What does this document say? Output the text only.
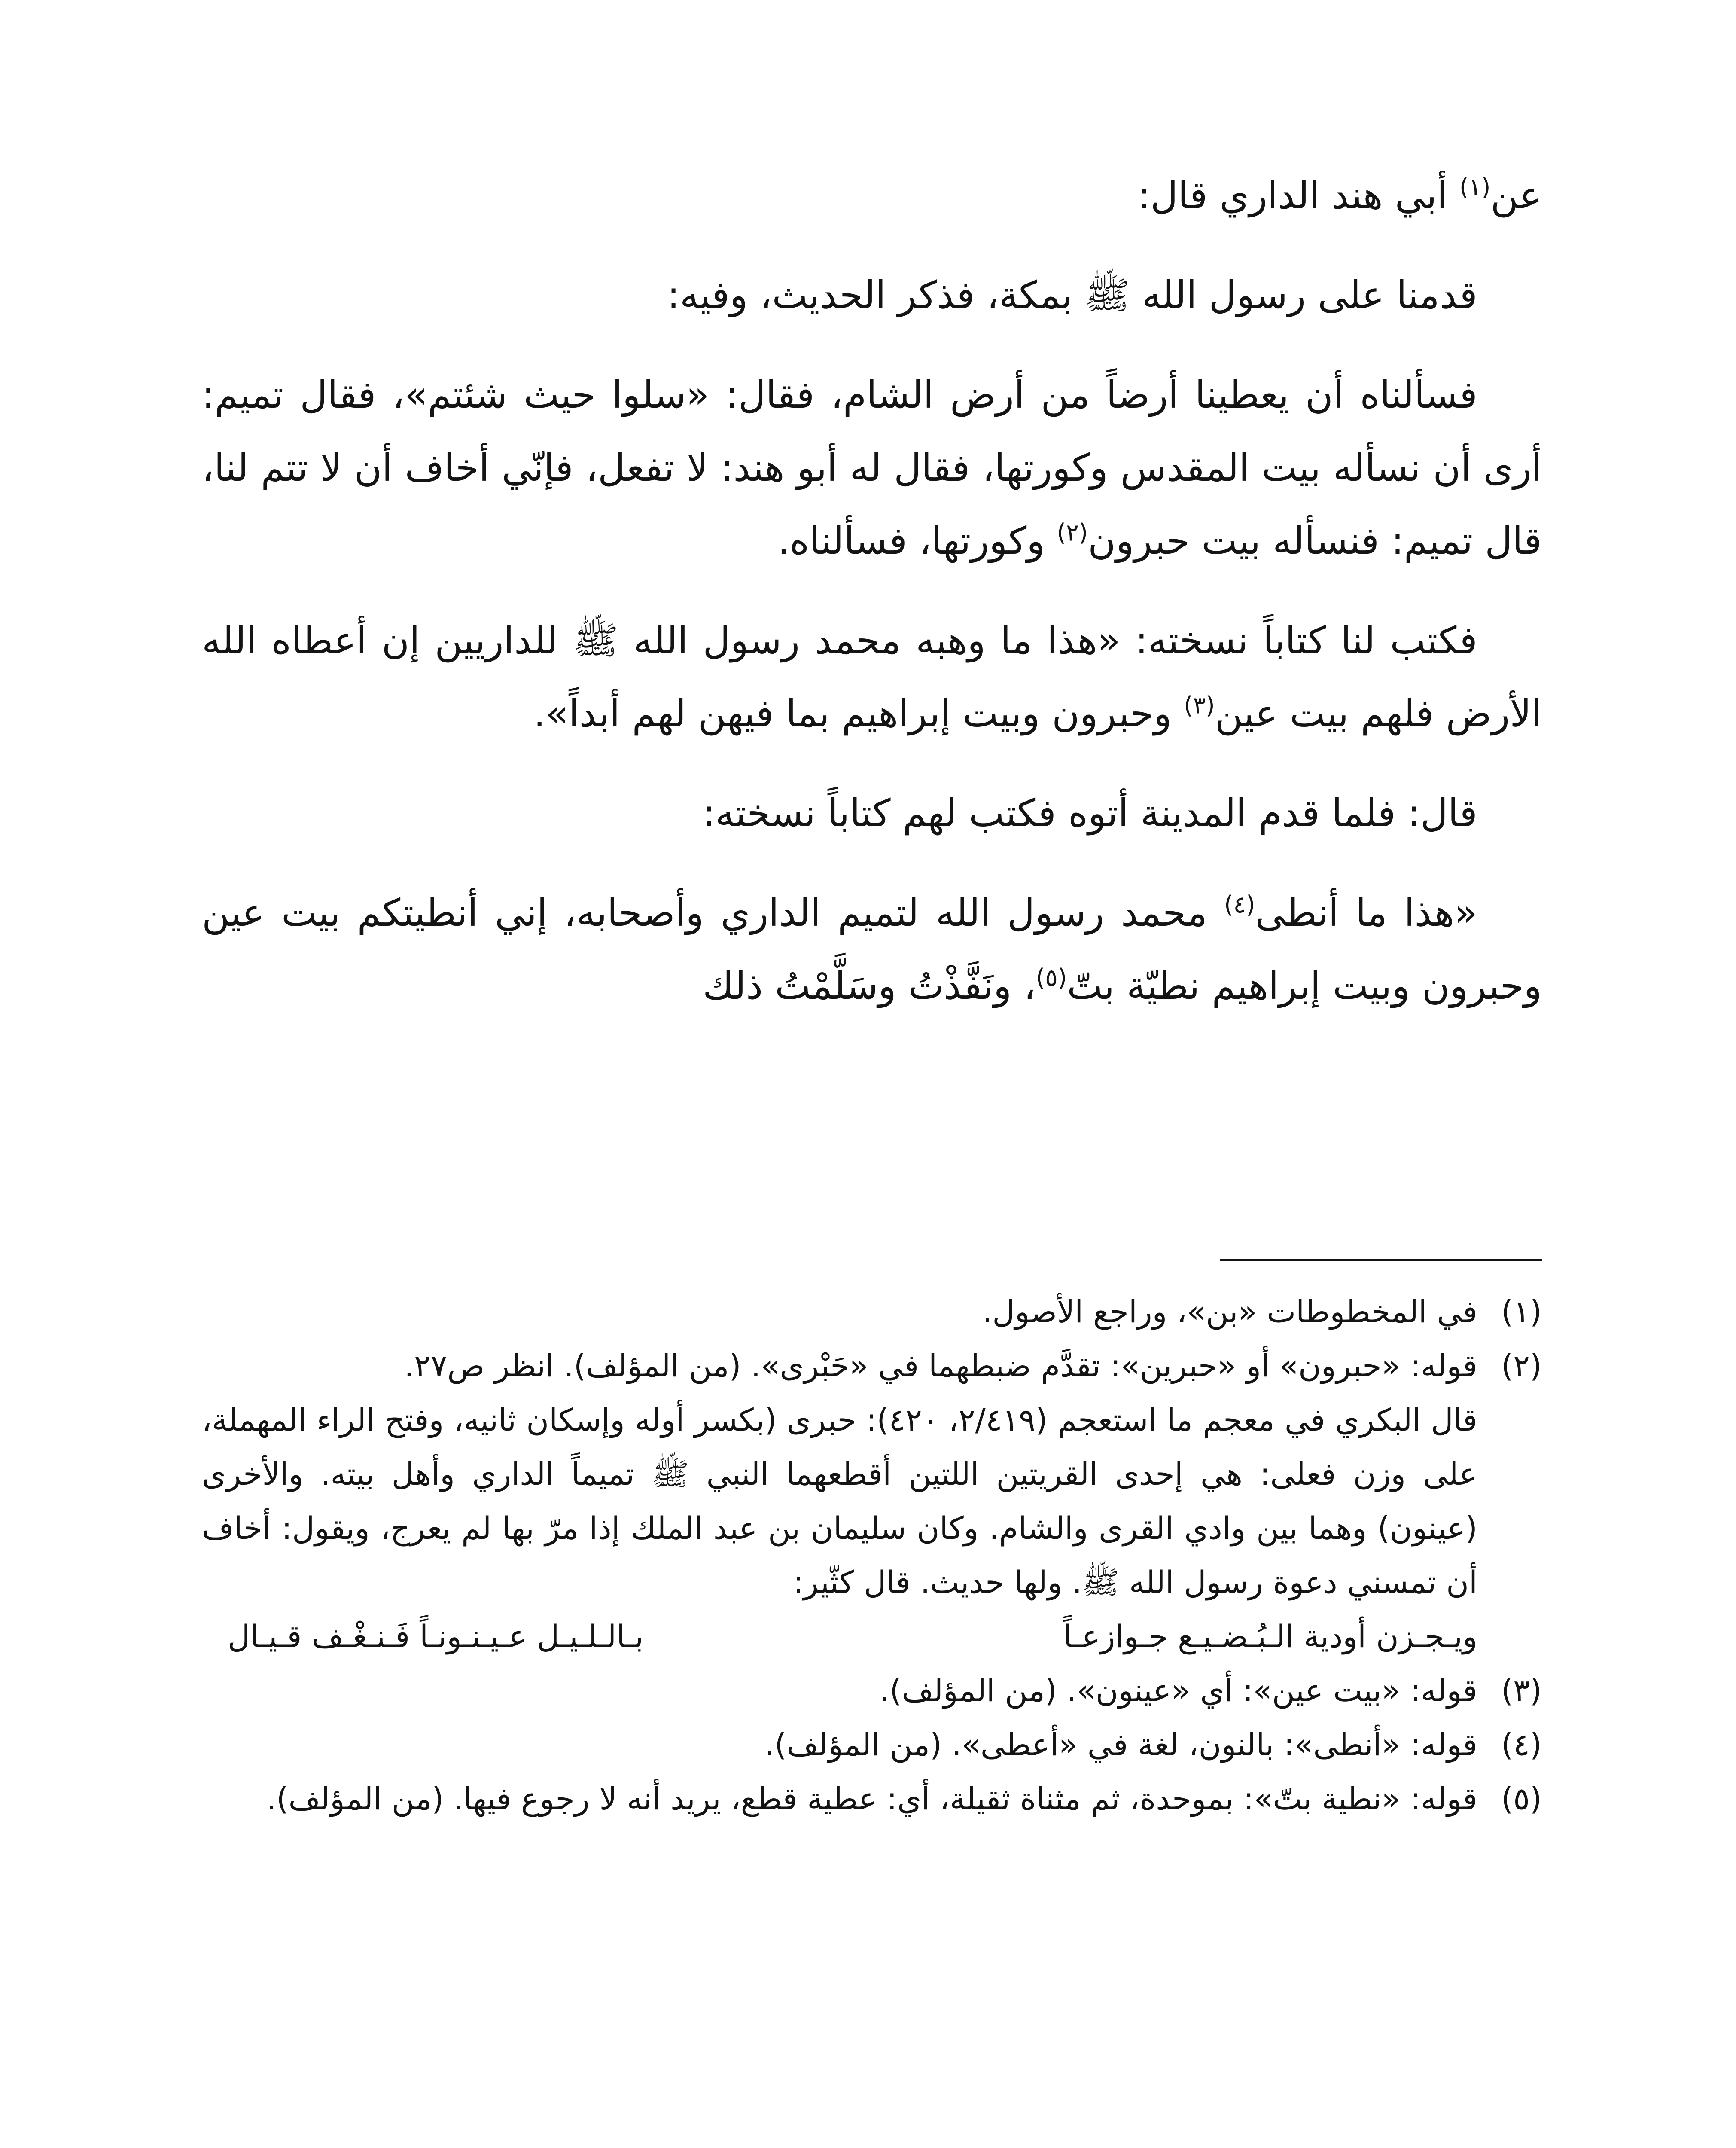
عن$^{(١)}$ أبي هند الداري قال:

قدمنا على رسول الله ﷺ بمكة، فذكر الحديث، وفيه:

فسألناه أن يعطينا أرضاً من أرض الشام، فقال: «سلوا حيث شئتم»، فقال تميم: أرى أن نسأله بيت المقدس وكورتها، فقال له أبو هند: لا تفعل، فإنّي أخاف أن لا تتم لنا، قال تميم: فنسأله بيت حبرون$^{(٢)}$ وكورتها، فسألناه.

فكتب لنا كتاباً نسخته: «هذا ما وهبه محمد رسول الله ﷺ للداريين إن أعطاه الله الأرض فلهم بيت عين$^{(٣)}$ وحبرون وبيت إبراهيم بما فيهن لهم أبداً».

قال: فلما قدم المدينة أتوه فكتب لهم كتاباً نسخته:

«هذا ما أنطى$^{(٤)}$ محمد رسول الله لتميم الداري وأصحابه، إني أنطيتكم بيت عين وحبرون وبيت إبراهيم نطيّة بتّ$^{(٥)}$، ونَفَّذْتُ وسَلَّمْتُ ذلك

(١)

في المخطوطات «بن»، وراجع الأصول.

(٢)

قوله: «حبرون» أو «حبرين»: تقدَّم ضبطهما في «حَبْرى». (من المؤلف). انظر ص٢٧.

قال البكري في معجم ما استعجم (٢/٤١٩، ٤٢٠): حبرى (بكسر أوله وإسكان ثانيه، وفتح الراء المهملة، على وزن فعلى: هي إحدى القريتين اللتين أقطعهما النبي ﷺ تميماً الداري وأهل بيته. والأخرى (عينون) وهما بين وادي القرى والشام. وكان سليمان بن عبد الملك إذا مرّ بها لم يعرج، ويقول: أخاف أن تمسني دعوة رسول الله ﷺ. ولها حديث. قال كثّير:

ويـجـزن أودية الـبُـضـيـع جـوازعـاً
بـالـلـيـل عـيـنـونـاً فَـنـغْـف قـيـال
(٣)

قوله: «بيت عين»: أي «عينون». (من المؤلف).

(٤)

قوله: «أنطى»: بالنون، لغة في «أعطى». (من المؤلف).

(٥)

قوله: «نطية بتّ»: بموحدة، ثم مثناة ثقيلة، أي: عطية قطع، يريد أنه لا رجوع فيها. (من المؤلف).
